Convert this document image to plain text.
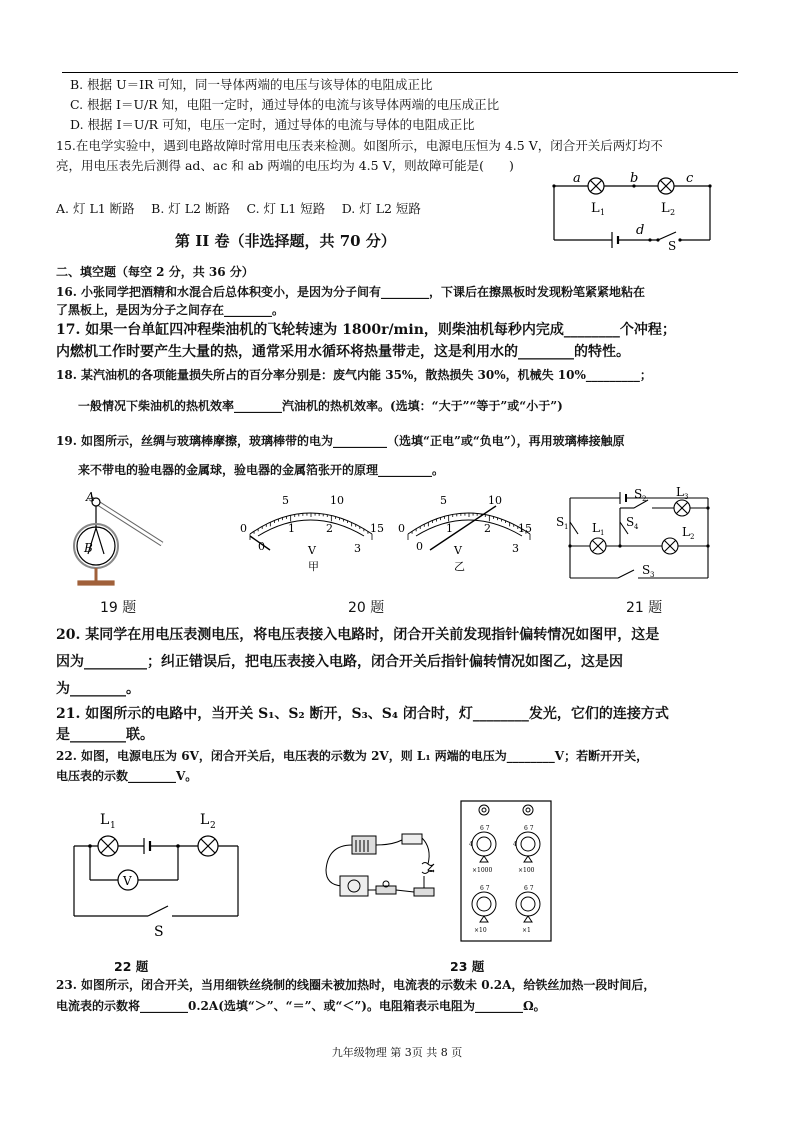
B. 根据 U＝IR 可知，同一导体两端的电压与该导体的电阻成正比
C. 根据 I＝U/R 知，电阻一定时，通过导体的电流与该导体两端的电压成正比
D. 根据 I＝U/R 可知，电压一定时，通过导体的电流与导体的电阻成正比
15.在电学实验中，遇到电路故障时常用电压表来检测。如图所示，电源电压恒为 4.5 V，闭合开关后两灯均不
亮，用电压表先后测得 ad、ac 和 ab 两端的电压均为 4.5 V，则故障可能是(　　)
A. 灯 L1 断路　 B. 灯 L2 断路　 C. 灯 L1 短路　 D. 灯 L2 短路
a	b	c
d
L 1	L 2
S
第 II 卷（非选择题，共 70 分）
二、填空题（每空 2 分，共 36 分）
16. 小张同学把酒精和水混合后总体积变小，是因为分子间有________，下课后在擦黑板时发现粉笔紧紧地粘在
了黑板上，是因为分子之间存在________。
17. 如果一台单缸四冲程柴油机的飞轮转速为 1800r/min，则柴油机每秒内完成________个冲程；
内燃机工作时要产生大量的热，通常采用水循环将热量带走，这是利用水的________的特性。
18. 某汽油机的各项能量损失所占的百分率分别是：废气内能 35%，散热损失 30%，机械失 10%_________；
一般情况下柴油机的热机效率________汽油机的热机效率。(选填：“大于”“等于”或“小于”)
19. 如图所示，丝绸与玻璃棒摩擦，玻璃棒带的电为_________（选填“正电”或“负电”），再用玻璃棒接触原
来不带电的验电器的金属球，验电器的金属箔张开的原理_________。
A
B
0
5	10
15
0
1	2
3
V
甲
0
5	10
15
0
1	2
3
V
乙
S 1 L 1
S 2
S 4
L 3
L 2
S 3
19 题	20 题	21 题
20. 某同学在用电压表测电压，将电压表接入电路时，闭合开关前发现指针偏转情况如图甲，这是
因为_________；纠正错误后，把电压表接入电路，闭合开关后指针偏转情况如图乙，这是因
为________。
21. 如图所示的电路中，当开关 S₁、S₂ 断开，S₃、S₄ 闭合时，灯________发光，它们的连接方式
是________联。
22. 如图，电源电压为 6V，闭合开关后，电压表的示数为 2V，则 L₁ 两端的电压为________V；若断开开关，
电压表的示数________V。
L 1	L 2
V
S
6 7	6 7
4	4
6 7	6 7
×1000	×100
×10	×1
22 题	23 题
23. 如图所示，闭合开关，当用细铁丝绕制的线圈未被加热时，电流表的示数未 0.2A，给铁丝加热一段时间后，
电流表的示数将________0.2A(选填“＞”、“＝”、或“＜”)。电阻箱表示电阻为________Ω。
九年级物理 第 3页 共 8 页
